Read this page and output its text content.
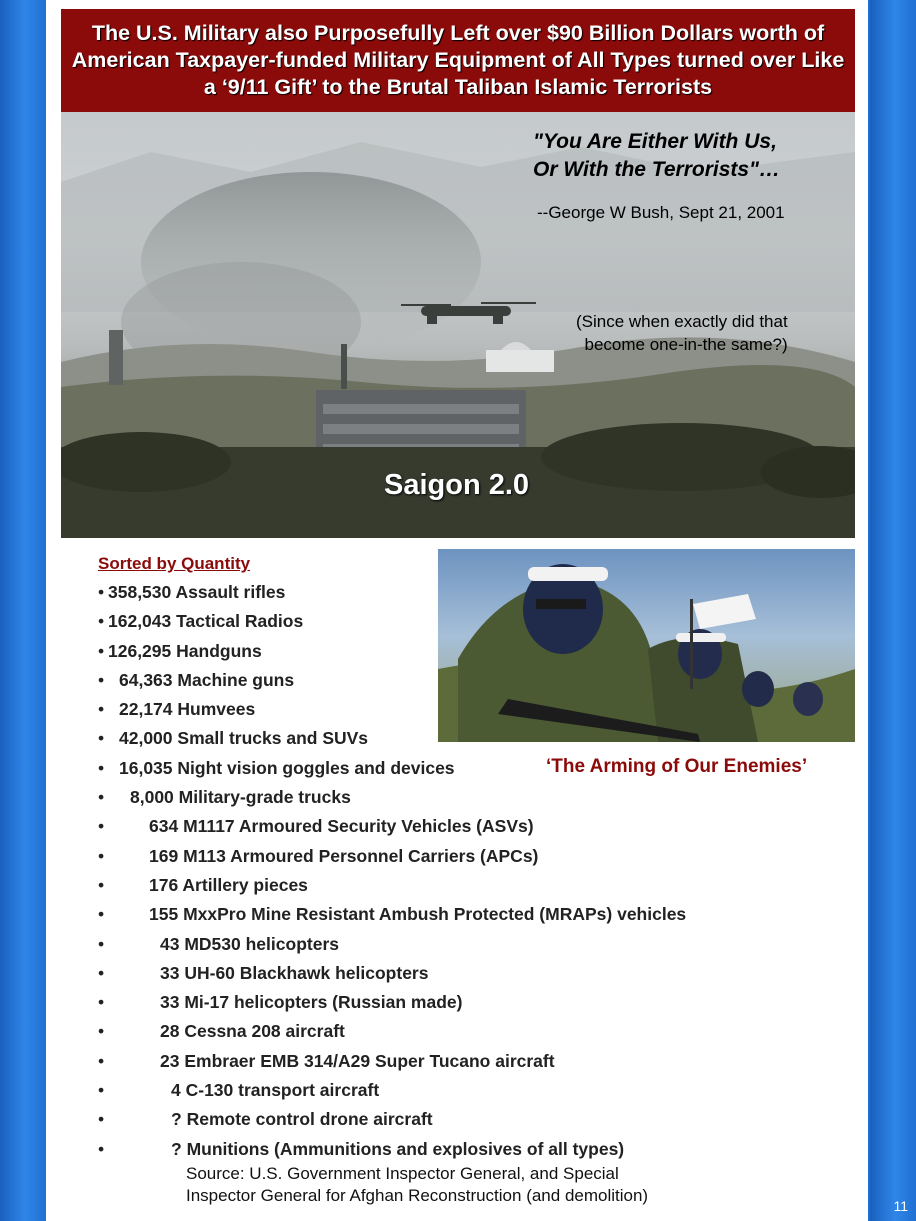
The U.S. Military also Purposefully Left over $90 Billion Dollars worth of American Taxpayer-funded Military Equipment of All Types turned over Like a ‘9/11 Gift’ to the Brutal Taliban Islamic Terrorists
"You Are Either With Us,
Or With the Terrorists"…
--George W Bush, Sept 21, 2001
(Since when exactly did that
become one-in-the same?)
Saigon 2.0
Sorted by Quantity
• 358,530 Assault rifles
• 162,043 Tactical Radios
• 126,295 Handguns
• 64,363 Machine guns
• 22,174 Humvees
• 42,000 Small trucks and SUVs
• 16,035 Night vision goggles and devices
• 8,000 Military-grade trucks
•	634 M1117 Armoured Security Vehicles (ASVs)
•	169 M113 Armoured Personnel Carriers (APCs)
•	176 Artillery pieces
•	155 MxxPro Mine Resistant Ambush Protected (MRAPs) vehicles
•	43 MD530 helicopters
•	33 UH-60 Blackhawk helicopters
•	33 Mi-17 helicopters (Russian made)
•	28 Cessna 208 aircraft
•	23 Embraer EMB 314/A29 Super Tucano aircraft
•	4 C-130 transport aircraft
•	? Remote control drone aircraft
•	? Munitions (Ammunitions and explosives of all types)
‘The Arming of Our Enemies’
Source: U.S. Government Inspector General, and Special
Inspector General for Afghan Reconstruction (and demolition)
11
